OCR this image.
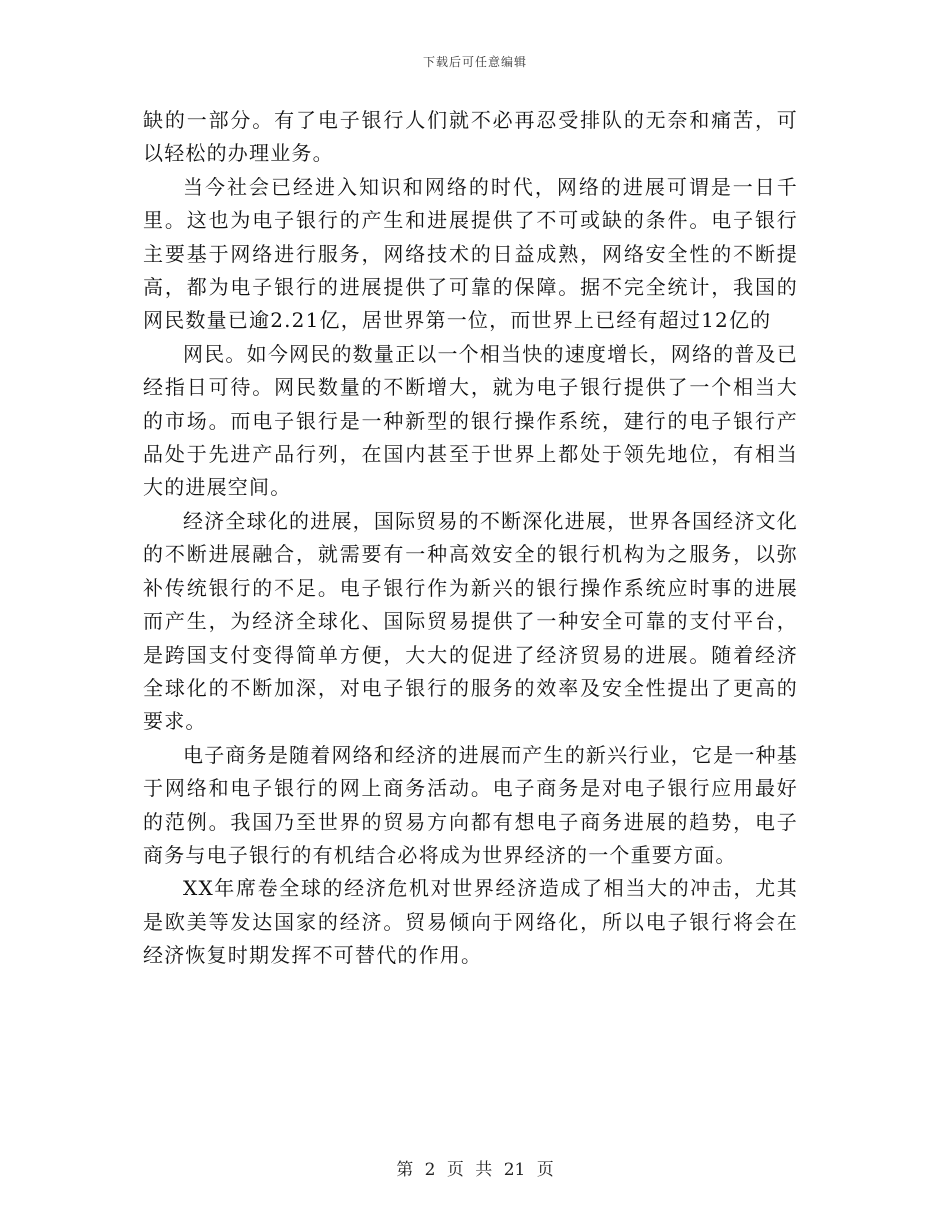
下载后可任意编辑

缺的一部分。有了电子银行人们就不必再忍受排队的无奈和痛苦，可以轻松的办理业务。

当今社会已经进入知识和网络的时代，网络的进展可谓是一日千里。这也为电子银行的产生和进展提供了不可或缺的条件。电子银行主要基于网络进行服务，网络技术的日益成熟，网络安全性的不断提高，都为电子银行的进展提供了可靠的保障。据不完全统计，我国的网民数量已逾2.21亿，居世界第一位，而世界上已经有超过12亿的

网民。如今网民的数量正以一个相当快的速度增长，网络的普及已经指日可待。网民数量的不断增大，就为电子银行提供了一个相当大的市场。而电子银行是一种新型的银行操作系统，建行的电子银行产品处于先进产品行列，在国内甚至于世界上都处于领先地位，有相当大的进展空间。

经济全球化的进展，国际贸易的不断深化进展，世界各国经济文化的不断进展融合，就需要有一种高效安全的银行机构为之服务，以弥补传统银行的不足。电子银行作为新兴的银行操作系统应时事的进展而产生，为经济全球化、国际贸易提供了一种安全可靠的支付平台，是跨国支付变得简单方便，大大的促进了经济贸易的进展。随着经济全球化的不断加深，对电子银行的服务的效率及安全性提出了更高的要求。

电子商务是随着网络和经济的进展而产生的新兴行业，它是一种基于网络和电子银行的网上商务活动。电子商务是对电子银行应用最好的范例。我国乃至世界的贸易方向都有想电子商务进展的趋势，电子商务与电子银行的有机结合必将成为世界经济的一个重要方面。

XX年席卷全球的经济危机对世界经济造成了相当大的冲击，尤其是欧美等发达国家的经济。贸易倾向于网络化，所以电子银行将会在经济恢复时期发挥不可替代的作用。

第 2 页 共 21 页
